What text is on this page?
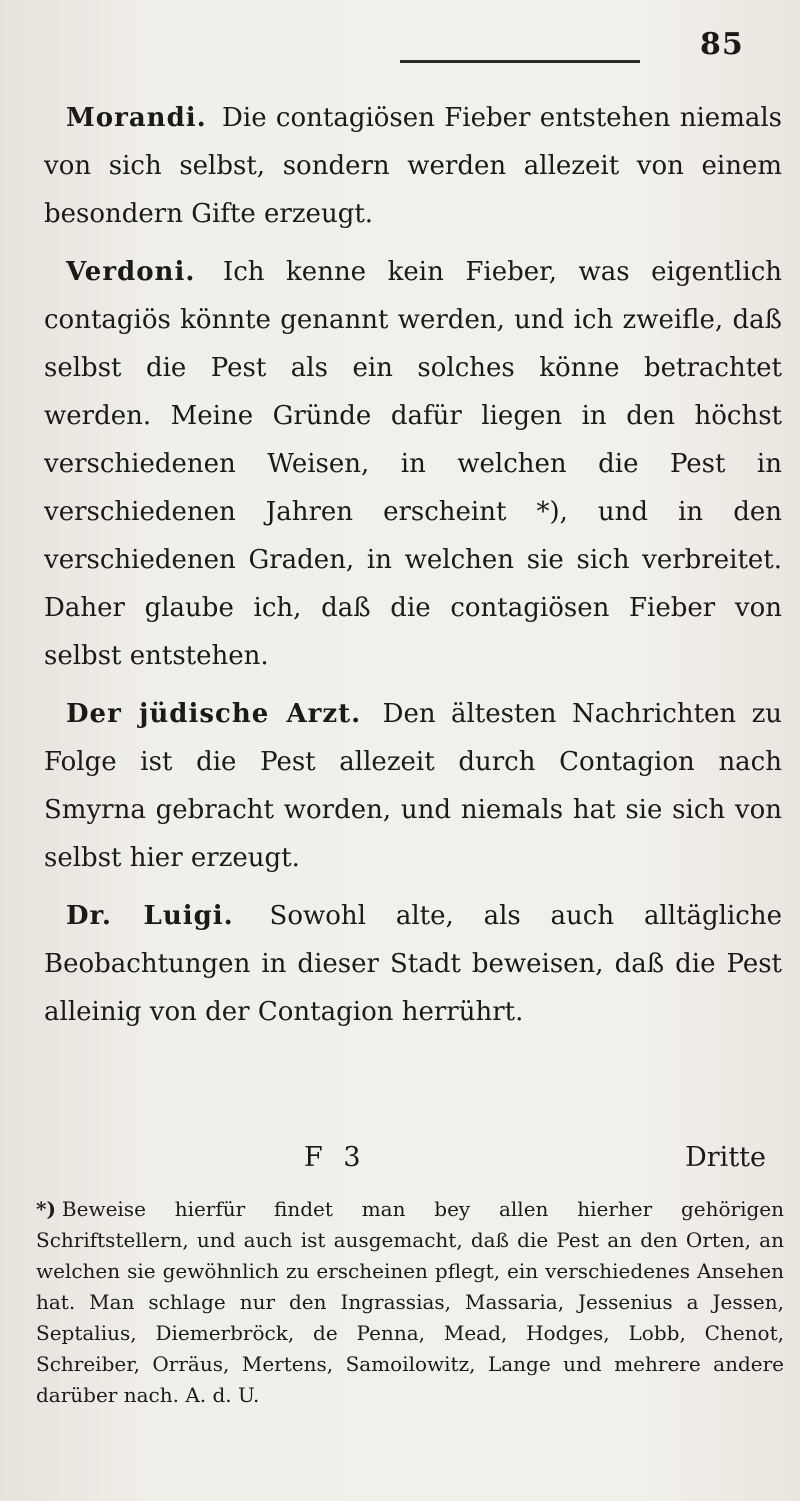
85

Morandi. Die contagiösen Fieber entstehen niemals von sich selbst, sondern werden allezeit von einem besondern Gifte erzeugt.

Verdoni. Ich kenne kein Fieber, was eigentlich contagiös könnte genannt werden, und ich zweifle, daß selbst die Pest als ein solches könne betrachtet werden. Meine Gründe dafür liegen in den höchst verschiedenen Weisen, in welchen die Pest in verschiedenen Jahren erscheint *), und in den verschiedenen Graden, in welchen sie sich verbreitet. Daher glaube ich, daß die contagiösen Fieber von selbst entstehen.

Der jüdische Arzt. Den ältesten Nachrichten zu Folge ist die Pest allezeit durch Contagion nach Smyrna gebracht worden, und niemals hat sie sich von selbst hier erzeugt.

Dr. Luigi. Sowohl alte, als auch alltägliche Beobachtungen in dieser Stadt beweisen, daß die Pest alleinig von der Contagion herrührt.

F 3	Dritte
*) Beweise hierfür findet man bey allen hierher gehörigen Schriftstellern, und auch ist ausgemacht, daß die Pest an den Orten, an welchen sie gewöhnlich zu erscheinen pflegt, ein verschiedenes Ansehen hat. Man schlage nur den Ingrassias, Massaria, Jessenius a Jessen, Septalius, Diemerbröck, de Penna, Mead, Hodges, Lobb, Chenot, Schreiber, Orräus, Mertens, Samoilowitz, Lange und mehrere andere darüber nach. A. d. U.
